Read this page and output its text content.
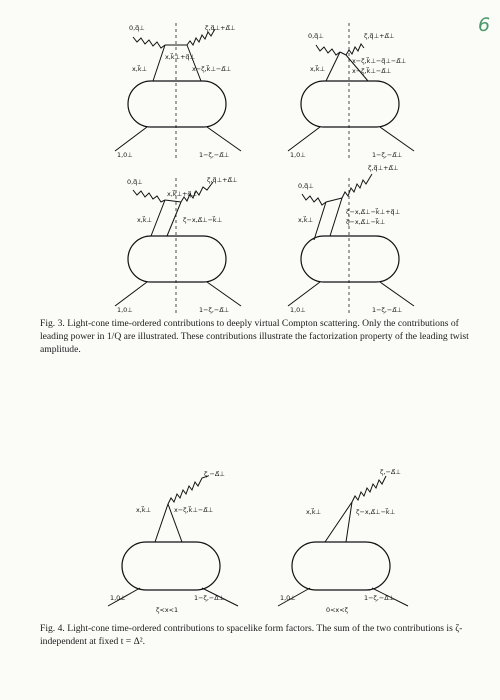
6
0,q⃗⊥	ζ,q⃗⊥+Δ⃗⊥
x,k⃗⊥+q⃗⊥
x,k⃗⊥	x−ζ,k⃗⊥−Δ⃗⊥
1,0⊥	1−ζ,−Δ⃗⊥
0,q⃗⊥	ζ,q⃗⊥+Δ⃗⊥
x−ζ,k⃗⊥−q⃗⊥−Δ⃗⊥
x−ζ,k⃗⊥−Δ⃗⊥
x,k⃗⊥
1,0⊥	1−ζ,−Δ⃗⊥
0,q⃗⊥	ζ,q⃗⊥+Δ⃗⊥
x,k⃗⊥+q⃗⊥
x,k⃗⊥	ζ−x,Δ⃗⊥−k⃗⊥
1,0⊥	1−ζ,−Δ⃗⊥
0,q⃗⊥
ζ,q⃗⊥+Δ⃗⊥
ζ−x,Δ⃗⊥−k⃗⊥+q⃗⊥
ζ−x,Δ⃗⊥−k⃗⊥
x,k⃗⊥
1,0⊥	1−ζ,−Δ⃗⊥
Fig. 3. Light-cone time-ordered contributions to deeply virtual Compton scattering. Only the contributions of leading power in 1/Q are illustrated. These contributions illustrate the factorization property of the leading twist amplitude.
ζ,−Δ⃗⊥
x,k⃗⊥	x−ζ,k⃗⊥−Δ⃗⊥
1,0⊥	1−ζ,−Δ⃗⊥
ζ<x<1
ζ,−Δ⃗⊥
x,k⃗⊥	ζ−x,Δ⃗⊥−k⃗⊥
1,0⊥	1−ζ,−Δ⃗⊥
0<x<ζ
Fig. 4. Light-cone time-ordered contributions to spacelike form factors. The sum of the two contributions is ζ-independent at fixed t = Δ².
